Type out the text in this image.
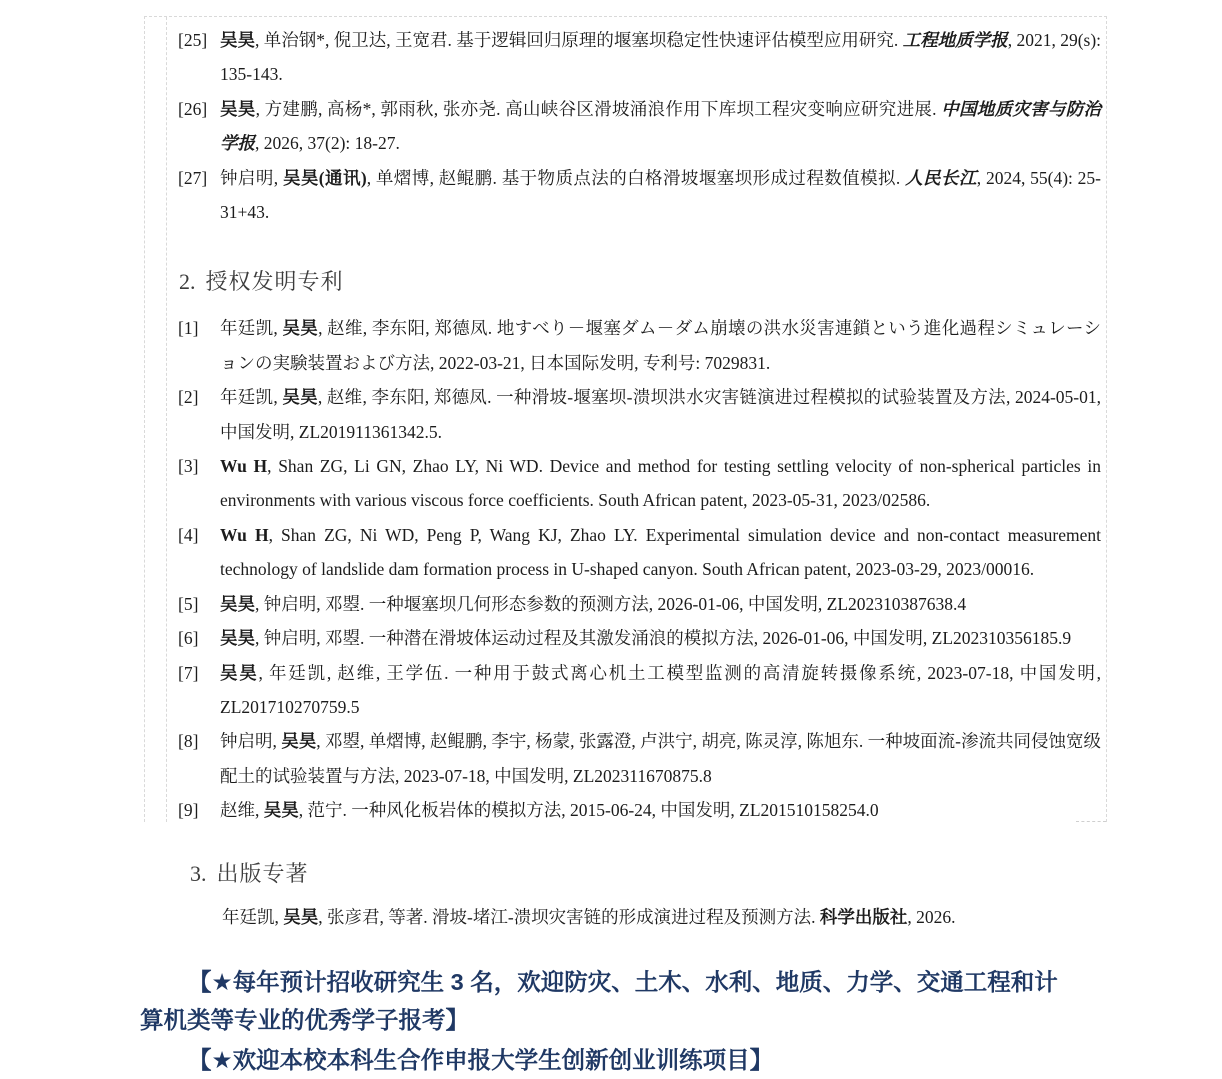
[25] 吴昊, 单治钢*, 倪卫达, 王宽君. 基于逻辑回归原理的堰塞坝稳定性快速评估模型应用研究. 工程地质学报, 2021, 29(s): 135-143.
[26] 吴昊, 方建鹏, 高杨*, 郭雨秋, 张亦尧. 高山峡谷区滑坡涌浪作用下库坝工程灾变响应研究进展. 中国地质灾害与防治学报, 2026, 37(2): 18-27.
[27] 钟启明, 吴昊(通讯), 单熠博, 赵鲲鹏. 基于物质点法的白格滑坡堰塞坝形成过程数值模拟. 人民长江, 2024, 55(4): 25-31+43.
2. 授权发明专利
[1]	年廷凯, 吴昊, 赵维, 李东阳, 郑德凤. 地すべり－堰塞ダム－ダム崩壊の洪水災害連鎖という進化過程シミュレーションの実験装置および方法, 2022-03-21, 日本国际发明, 专利号: 7029831.
[2]	年廷凯, 吴昊, 赵维, 李东阳, 郑德凤. 一种滑坡-堰塞坝-溃坝洪水灾害链演进过程模拟的试验装置及方法, 2024-05-01, 中国发明, ZL201911361342.5.
[3]	Wu H, Shan ZG, Li GN, Zhao LY, Ni WD. Device and method for testing settling velocity of non-spherical particles in environments with various viscous force coefficients. South African patent, 2023-05-31, 2023/02586.
[4]	Wu H, Shan ZG, Ni WD, Peng P, Wang KJ, Zhao LY. Experimental simulation device and non-contact measurement technology of landslide dam formation process in U-shaped canyon. South African patent, 2023-03-29, 2023/00016.
[5]	吴昊, 钟启明, 邓曌. 一种堰塞坝几何形态参数的预测方法, 2026-01-06, 中国发明, ZL202310387638.4
[6]	吴昊, 钟启明, 邓曌. 一种潜在滑坡体运动过程及其激发涌浪的模拟方法, 2026-01-06, 中国发明, ZL202310356185.9
[7]	吴昊, 年廷凯, 赵维, 王学伍. 一种用于鼓式离心机土工模型监测的高清旋转摄像系统, 2023-07-18, 中国发明, ZL201710270759.5
[8]	钟启明, 吴昊, 邓曌, 单熠博, 赵鲲鹏, 李宇, 杨蒙, 张露澄, 卢洪宁, 胡亮, 陈灵淳, 陈旭东. 一种坡面流-渗流共同侵蚀宽级配土的试验装置与方法, 2023-07-18, 中国发明, ZL202311670875.8
[9]	赵维, 吴昊, 范宁. 一种风化板岩体的模拟方法, 2015-06-24, 中国发明, ZL201510158254.0
3. 出版专著
年廷凯, 吴昊, 张彦君, 等著. 滑坡-堵江-溃坝灾害链的形成演进过程及预测方法. 科学出版社, 2026.

【★每年预计招收研究生 3 名，欢迎防灾、土木、水利、地质、力学、交通工程和计算机类等专业的优秀学子报考】

【★欢迎本校本科生合作申报大学生创新创业训练项目】
